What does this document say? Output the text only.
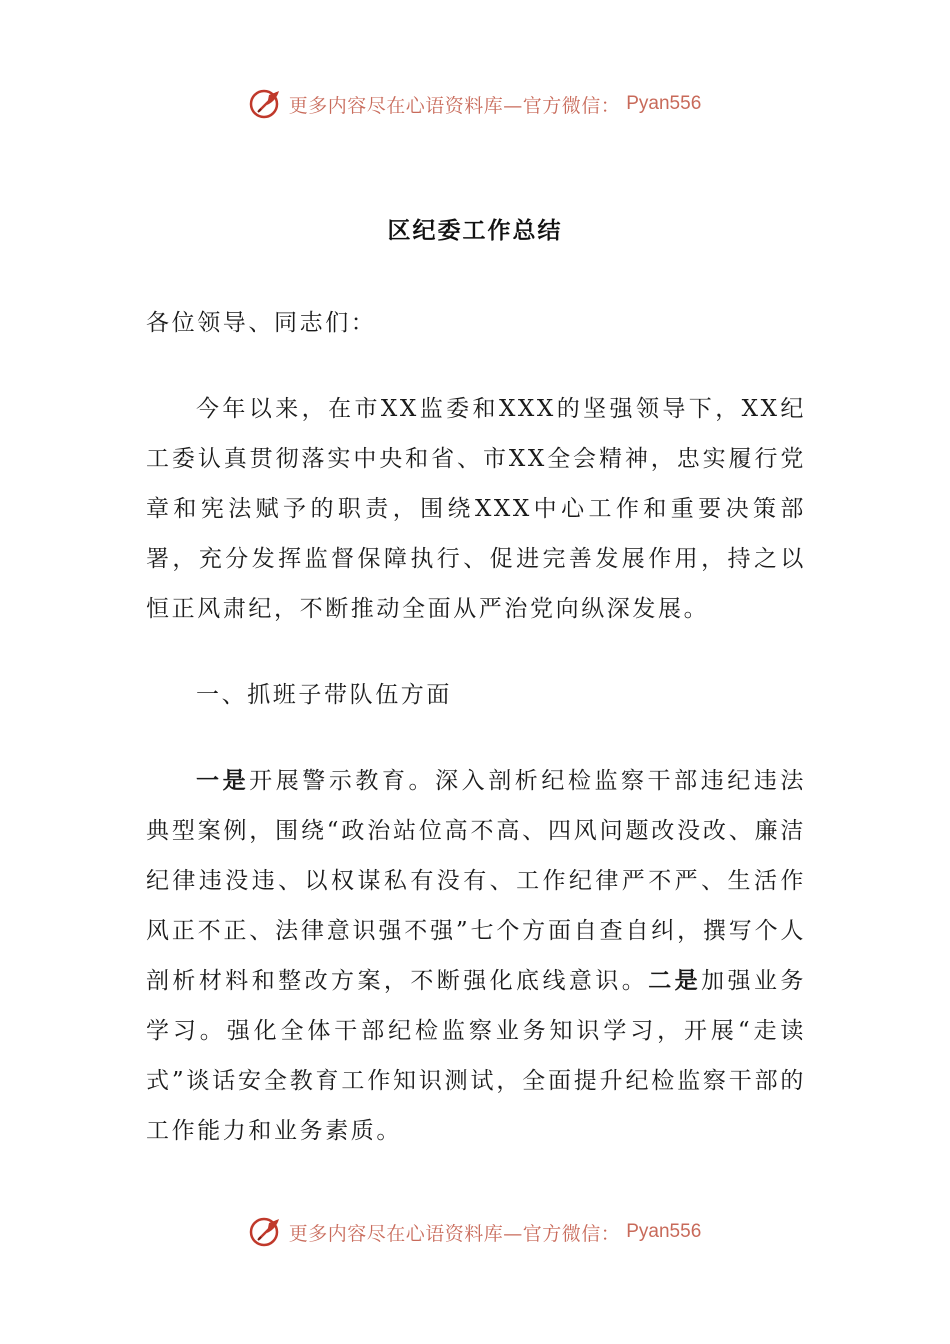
更多内容尽在心语资料库—官方微信： Pyan556
区纪委工作总结

各位领导、同志们：

今年以来，在市XX监委和XXX的坚强领导下，XX纪工委认真贯彻落实中央和省、市XX全会精神，忠实履行党章和宪法赋予的职责，围绕XXX中心工作和重要决策部署，充分发挥监督保障执行、促进完善发展作用，持之以恒正风肃纪，不断推动全面从严治党向纵深发展。

一、抓班子带队伍方面

一是开展警示教育。深入剖析纪检监察干部违纪违法典型案例，围绕“政治站位高不高、四风问题改没改、廉洁纪律违没违、以权谋私有没有、工作纪律严不严、生活作风正不正、法律意识强不强”七个方面自查自纠，撰写个人剖析材料和整改方案，不断强化底线意识。二是加强业务学习。强化全体干部纪检监察业务知识学习，开展“走读式”谈话安全教育工作知识测试，全面提升纪检监察干部的工作能力和业务素质。

更多内容尽在心语资料库—官方微信： Pyan556
